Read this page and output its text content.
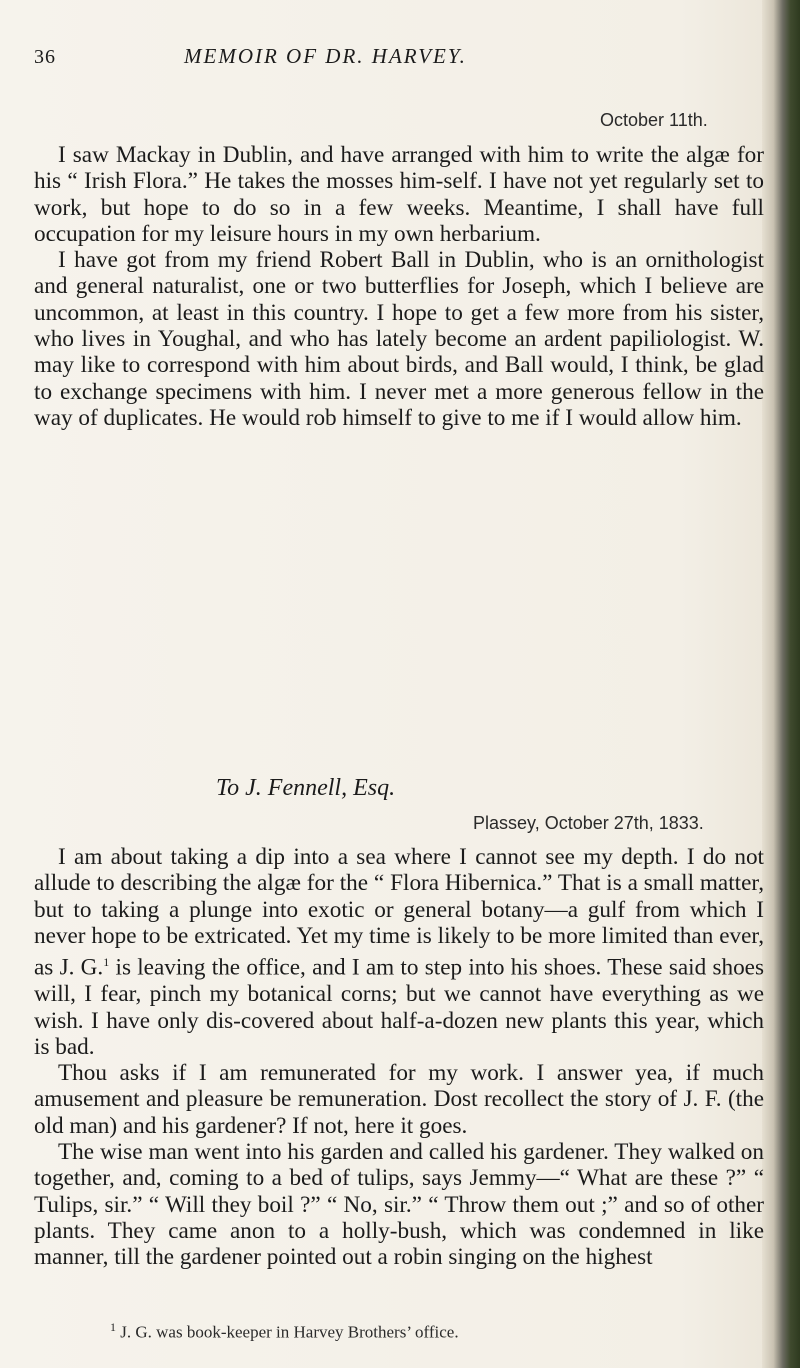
36	MEMOIR OF DR. HARVEY.
October 11th.

I saw Mackay in Dublin, and have arranged with him to write the algæ for his “ Irish Flora.” He takes the mosses him-self. I have not yet regularly set to work, but hope to do so in a few weeks. Meantime, I shall have full occupation for my leisure hours in my own herbarium.

I have got from my friend Robert Ball in Dublin, who is an ornithologist and general naturalist, one or two butterflies for Joseph, which I believe are uncommon, at least in this country. I hope to get a few more from his sister, who lives in Youghal, and who has lately become an ardent papiliologist. W. may like to correspond with him about birds, and Ball would, I think, be glad to exchange specimens with him. I never met a more generous fellow in the way of duplicates. He would rob himself to give to me if I would allow him.

To J. Fennell, Esq.
Plassey, October 27th, 1833.

I am about taking a dip into a sea where I cannot see my depth. I do not allude to describing the algæ for the “ Flora Hibernica.” That is a small matter, but to taking a plunge into exotic or general botany—a gulf from which I never hope to be extricated. Yet my time is likely to be more limited than ever, as J. G.$^1$ is leaving the office, and I am to step into his shoes. These said shoes will, I fear, pinch my botanical corns; but we cannot have everything as we wish. I have only dis-covered about half-a-dozen new plants this year, which is bad.

Thou asks if I am remunerated for my work. I answer yea, if much amusement and pleasure be remuneration. Dost recollect the story of J. F. (the old man) and his gardener? If not, here it goes.

The wise man went into his garden and called his gardener. They walked on together, and, coming to a bed of tulips, says Jemmy—“ What are these ?” “ Tulips, sir.” “ Will they boil ?” “ No, sir.” “ Throw them out ;” and so of other plants. They came anon to a holly-bush, which was condemned in like manner, till the gardener pointed out a robin singing on the highest

$^1$ J. G. was book-keeper in Harvey Brothers’ office.
